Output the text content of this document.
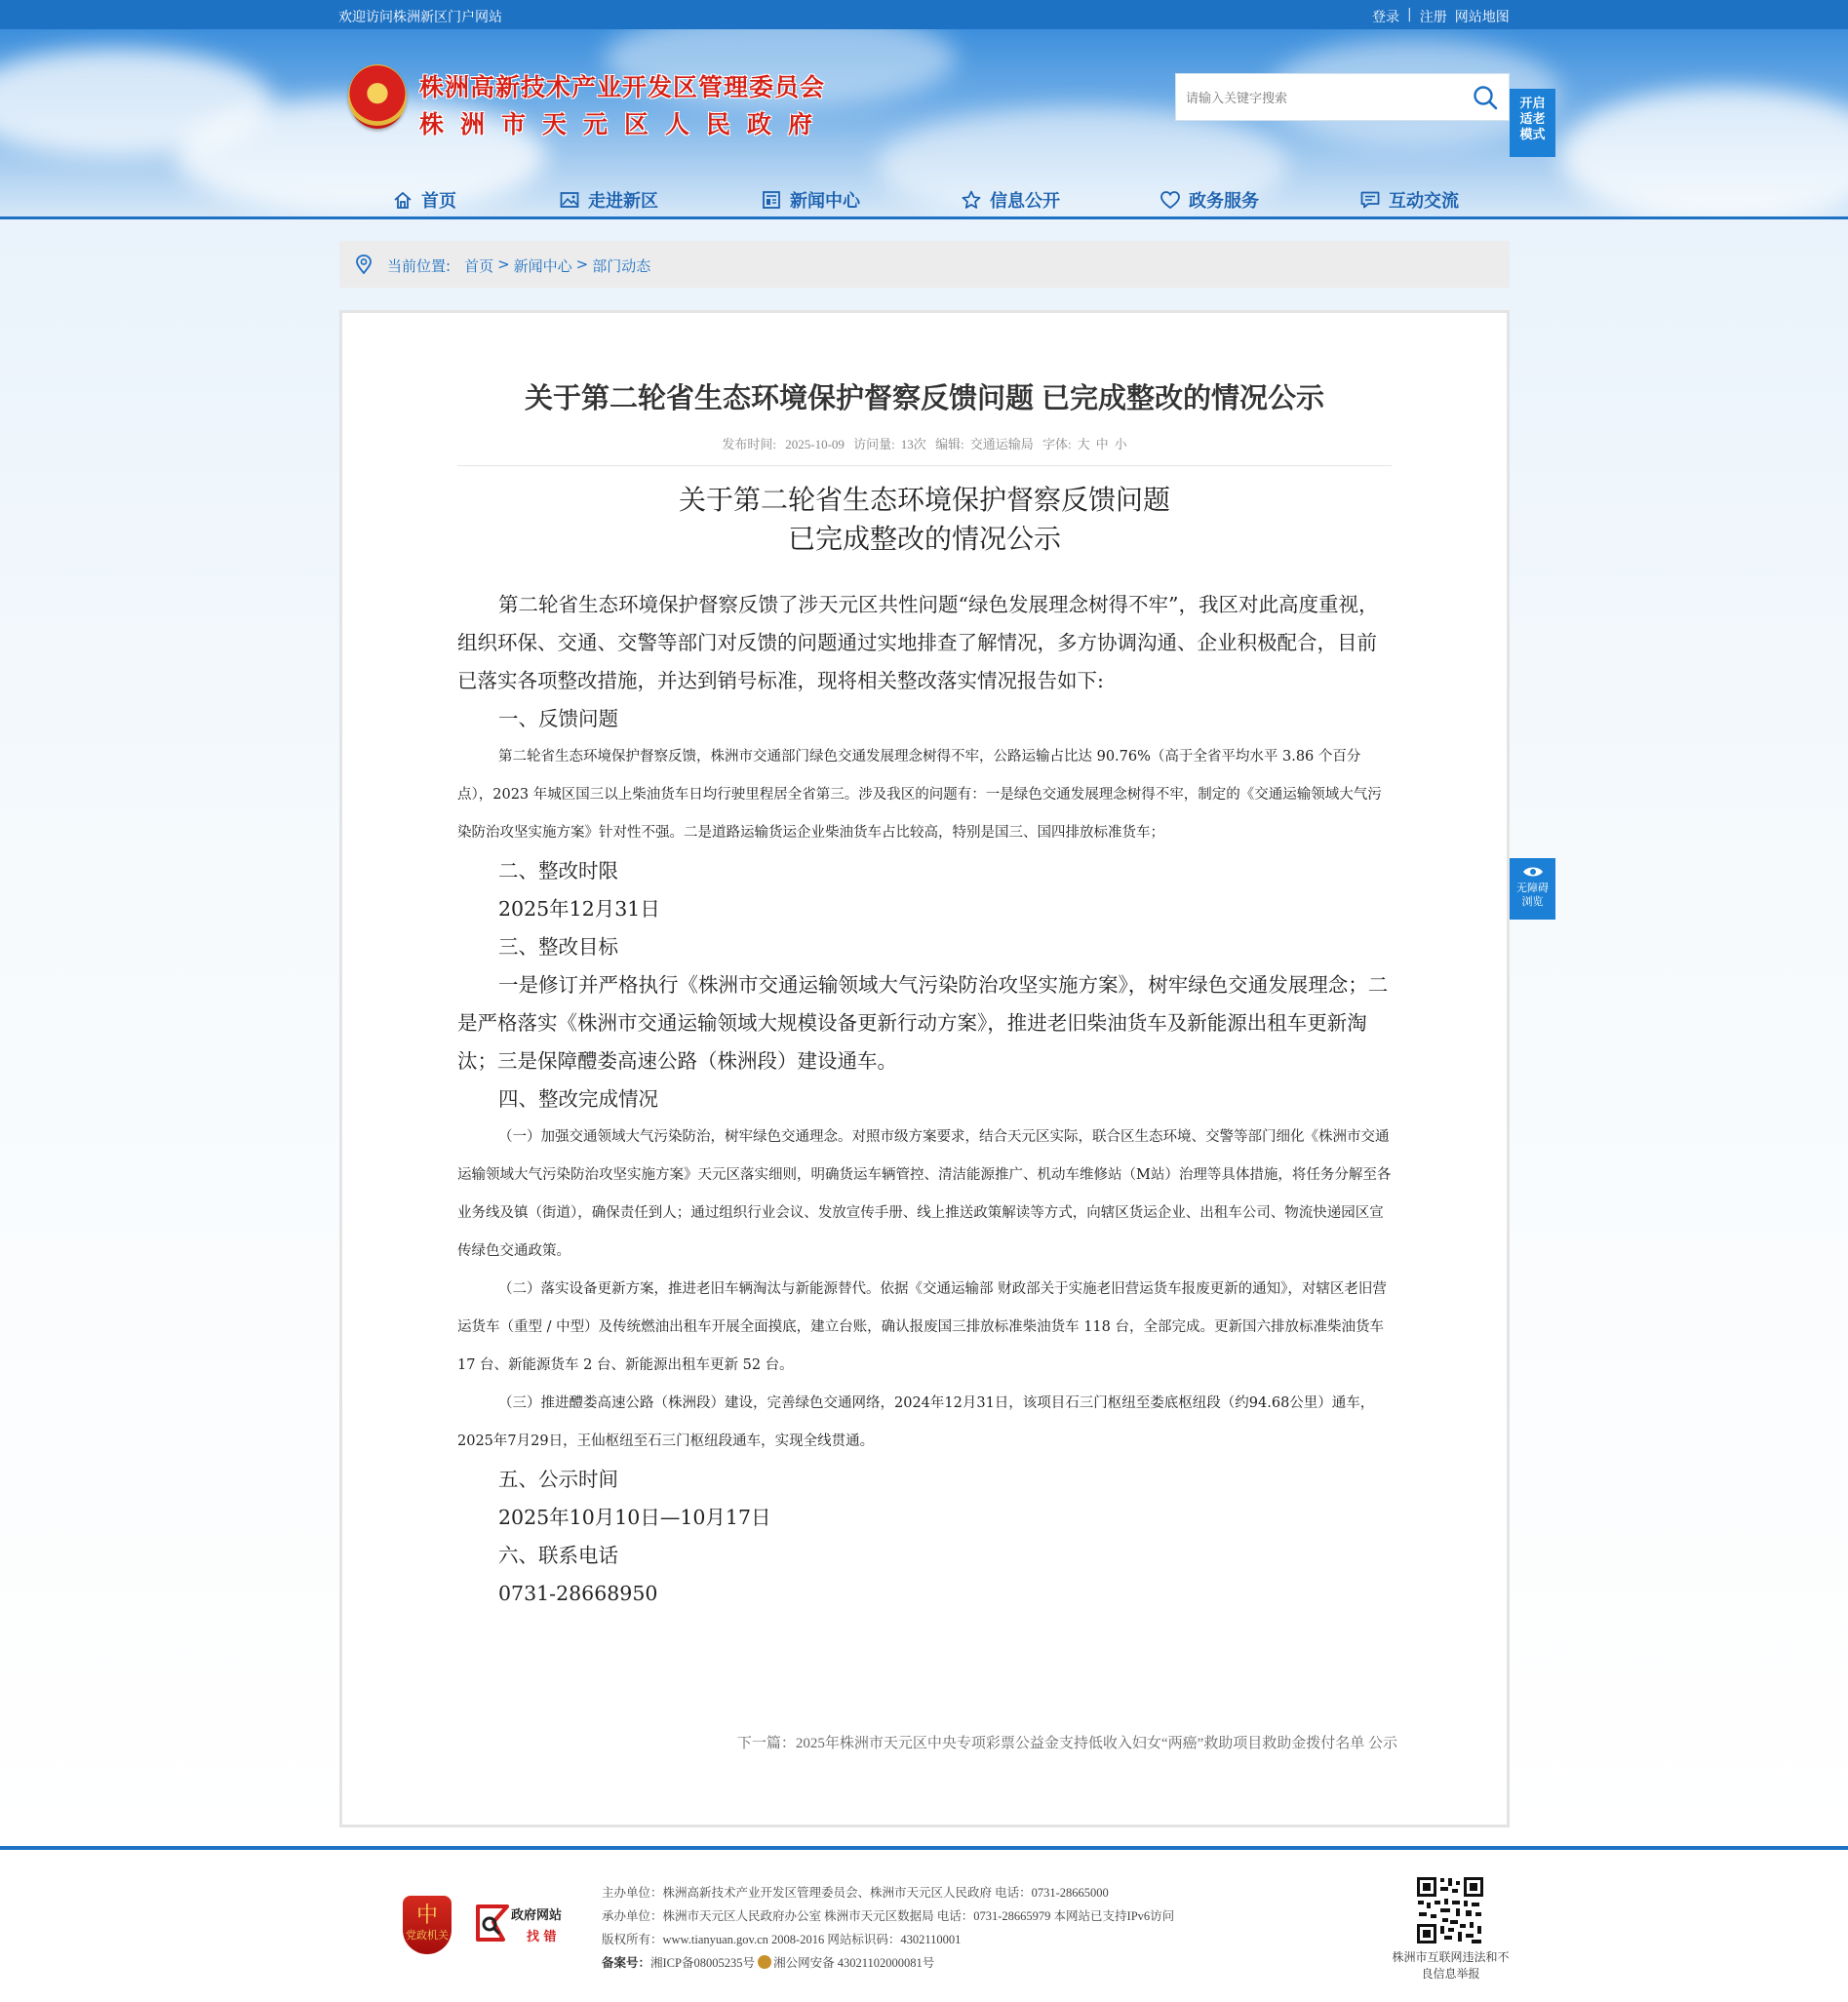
欢迎访问株洲新区门户网站	登录 | 注册 网站地图
株洲高新技术产业开发区管理委员会
株洲市天元区人民政府
请输入关键字搜索
首页	走进新区	新闻中心	信息公开	政务服务	互动交流
开启适老模式
当前位置: 首页 > 新闻中心 > 部门动态
关于第二轮省生态环境保护督察反馈问题 已完成整改的情况公示
发布时间: 2025-10-09 访问量: 13次 编辑: 交通运输局 字体: 大 中 小
关于第二轮省生态环境保护督察反馈问题
已完成整改的情况公示
第二轮省生态环境保护督察反馈了涉天元区共性问题“绿色发展理念树得不牢”，我区对此高度重视，组织环保、交通、交警等部门对反馈的问题通过实地排查了解情况，多方协调沟通、企业积极配合，目前已落实各项整改措施，并达到销号标准，现将相关整改落实情况报告如下:
一、反馈问题
第二轮省生态环境保护督察反馈，株洲市交通部门绿色交通发展理念树得不牢，公路运输占比达 90.76%（高于全省平均水平 3.86 个百分点），2023 年城区国三以上柴油货车日均行驶里程居全省第三。涉及我区的问题有：一是绿色交通发展理念树得不牢，制定的《交通运输领域大气污染防治攻坚实施方案》针对性不强。二是道路运输货运企业柴油货车占比较高，特别是国三、国四排放标准货车；
二、整改时限
2025年12月31日
三、整改目标
一是修订并严格执行《株洲市交通运输领域大气污染防治攻坚实施方案》，树牢绿色交通发展理念；二是严格落实《株洲市交通运输领域大规模设备更新行动方案》，推进老旧柴油货车及新能源出租车更新淘汰；三是保障醴娄高速公路（株洲段）建设通车。
四、整改完成情况
（一）加强交通领域大气污染防治，树牢绿色交通理念。对照市级方案要求，结合天元区实际，联合区生态环境、交警等部门细化《株洲市交通运输领域大气污染防治攻坚实施方案》天元区落实细则，明确货运车辆管控、清洁能源推广、机动车维修站（M站）治理等具体措施，将任务分解至各业务线及镇（街道），确保责任到人；通过组织行业会议、发放宣传手册、线上推送政策解读等方式，向辖区货运企业、出租车公司、物流快递园区宣传绿色交通政策。
（二）落实设备更新方案，推进老旧车辆淘汰与新能源替代。依据《交通运输部 财政部关于实施老旧营运货车报废更新的通知》，对辖区老旧营运货车（重型 / 中型）及传统燃油出租车开展全面摸底，建立台账，确认报废国三排放标准柴油货车 118 台，全部完成。更新国六排放标准柴油货车 17 台、新能源货车 2 台、新能源出租车更新 52 台。
（三）推进醴娄高速公路（株洲段）建设，完善绿色交通网络，2024年12月31日，该项目石三门枢纽至娄底枢纽段（约94.68公里）通车，2025年7月29日，王仙枢纽至石三门枢纽段通车，实现全线贯通。
五、公示时间
2025年10月10日—10月17日
六、联系电话
0731-28668950
下一篇：2025年株洲市天元区中央专项彩票公益金支持低收入妇女“两癌”救助项目救助金拨付名单 公示
无障碍浏览
中
党政机关
政府网站
找 错
主办单位：株洲高新技术产业开发区管理委员会、株洲市天元区人民政府 电话：0731-28665000
承办单位：株洲市天元区人民政府办公室 株洲市天元区数据局 电话：0731-28665979 本网站已支持IPv6访问
版权所有：www.tianyuan.gov.cn 2008-2016 网站标识码：4302110001
备案号：湘ICP备08005235号 湘公网安备 43021102000081号	株洲市互联网违法和不良信息举报
